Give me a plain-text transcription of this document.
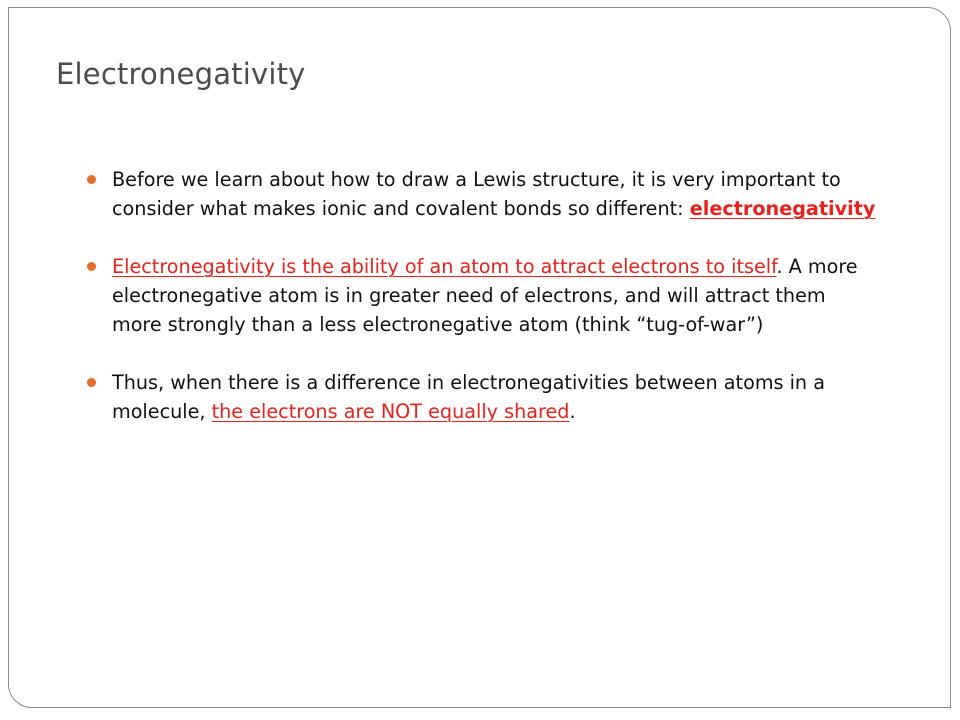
Electronegativity
Before we learn about how to draw a Lewis structure, it is very important to consider what makes ionic and covalent bonds so different: electronegativity
Electronegativity is the ability of an atom to attract electrons to itself. A more electronegative atom is in greater need of electrons, and will attract them more strongly than a less electronegative atom (think “tug-of-war”)
Thus, when there is a difference in electronegativities between atoms in a molecule, the electrons are NOT equally shared.
